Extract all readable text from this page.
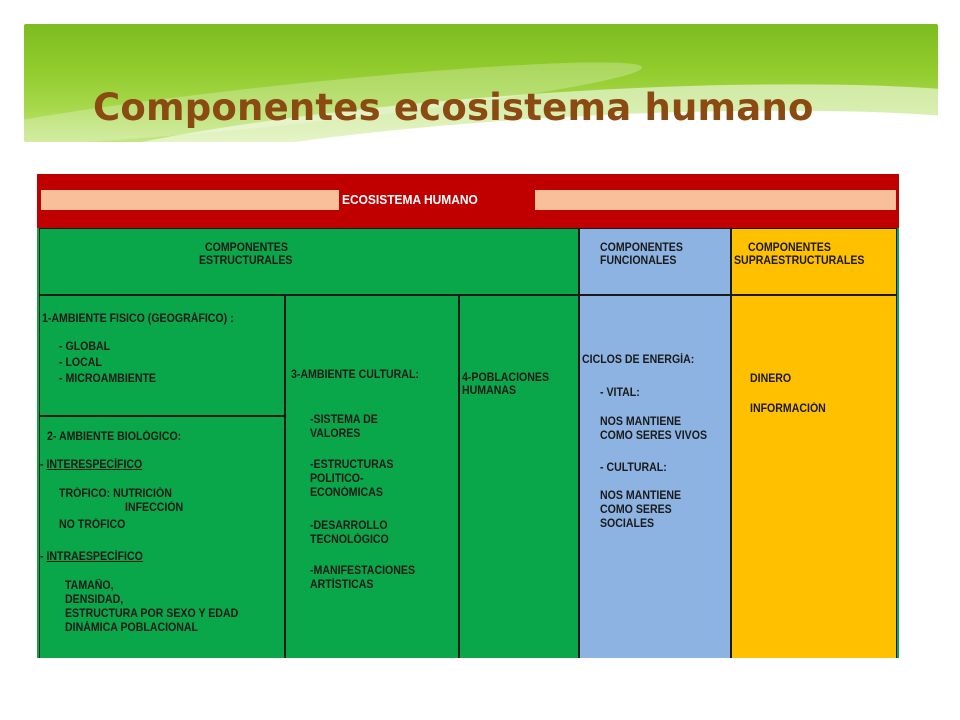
Componentes ecosistema humano
ECOSISTEMA HUMANO
COMPONENTES
ESTRUCTURALES
COMPONENTES
FUNCIONALES
COMPONENTES
SUPRAESTRUCTURALES
1-AMBIENTE FISICO (GEOGRÁFICO) :
- GLOBAL
- LOCAL
- MICROAMBIENTE
2- AMBIENTE BIOLÓGICO:
- INTERESPECÍFICO
TRÓFICO: NUTRICIÓN
INFECCIÓN
NO TRÓFICO
- INTRAESPECÍFICO
TAMAÑO,
DENSIDAD,
ESTRUCTURA POR SEXO Y EDAD
DINÁMICA POBLACIONAL
3-AMBIENTE CULTURAL:
-SISTEMA DE
VALORES
-ESTRUCTURAS
POLITICO-
ECONÓMICAS
-DESARROLLO
TECNOLÓGICO
-MANIFESTACIONES
ARTÍSTICAS
4-POBLACIONES
HUMANAS
CICLOS DE ENERGÍA:
- VITAL:
NOS MANTIENE
COMO SERES VIVOS
- CULTURAL:
NOS MANTIENE
COMO SERES
SOCIALES
DINERO
INFORMACIÓN
